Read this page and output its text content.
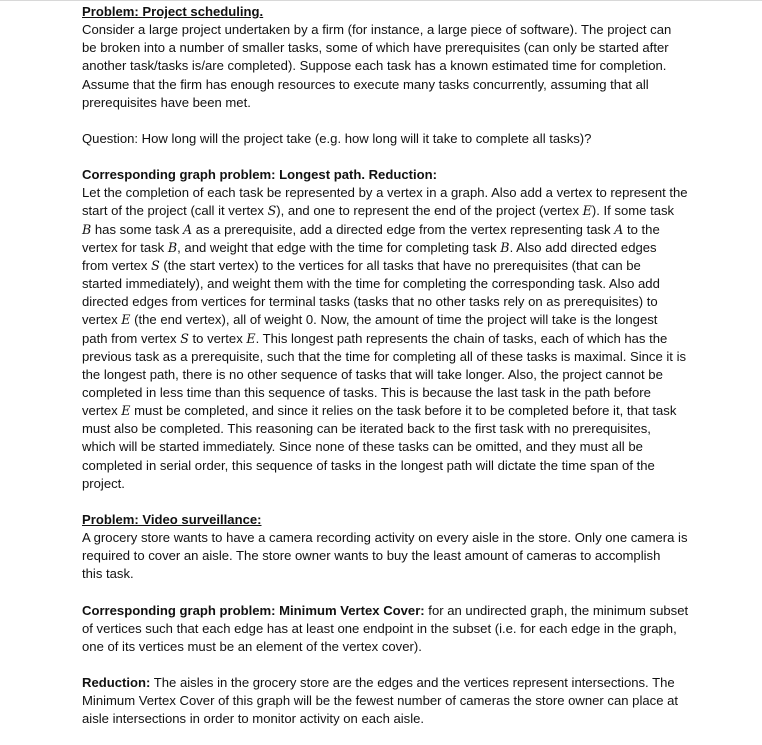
Problem: Project scheduling.
Consider a large project undertaken by a firm (for instance, a large piece of software). The project can
be broken into a number of smaller tasks, some of which have prerequisites (can only be started after
another task/tasks is/are completed). Suppose each task has a known estimated time for completion.
Assume that the firm has enough resources to execute many tasks concurrently, assuming that all
prerequisites have been met.
Question: How long will the project take (e.g. how long will it take to complete all tasks)?
Corresponding graph problem: Longest path. Reduction:
Let the completion of each task be represented by a vertex in a graph. Also add a vertex to represent the
start of the project (call it vertex S), and one to represent the end of the project (vertex E). If some task
B has some task A as a prerequisite, add a directed edge from the vertex representing task A to the
vertex for task B, and weight that edge with the time for completing task B. Also add directed edges
from vertex S (the start vertex) to the vertices for all tasks that have no prerequisites (that can be
started immediately), and weight them with the time for completing the corresponding task. Also add
directed edges from vertices for terminal tasks (tasks that no other tasks rely on as prerequisites) to
vertex E (the end vertex), all of weight 0. Now, the amount of time the project will take is the longest
path from vertex S to vertex E. This longest path represents the chain of tasks, each of which has the
previous task as a prerequisite, such that the time for completing all of these tasks is maximal. Since it is
the longest path, there is no other sequence of tasks that will take longer. Also, the project cannot be
completed in less time than this sequence of tasks. This is because the last task in the path before
vertex E must be completed, and since it relies on the task before it to be completed before it, that task
must also be completed. This reasoning can be iterated back to the first task with no prerequisites,
which will be started immediately. Since none of these tasks can be omitted, and they must all be
completed in serial order, this sequence of tasks in the longest path will dictate the time span of the
project.
Problem: Video surveillance:
A grocery store wants to have a camera recording activity on every aisle in the store. Only one camera is
required to cover an aisle. The store owner wants to buy the least amount of cameras to accomplish
this task.
Corresponding graph problem: Minimum Vertex Cover: for an undirected graph, the minimum subset
of vertices such that each edge has at least one endpoint in the subset (i.e. for each edge in the graph,
one of its vertices must be an element of the vertex cover).
Reduction: The aisles in the grocery store are the edges and the vertices represent intersections. The
Minimum Vertex Cover of this graph will be the fewest number of cameras the store owner can place at
aisle intersections in order to monitor activity on each aisle.
